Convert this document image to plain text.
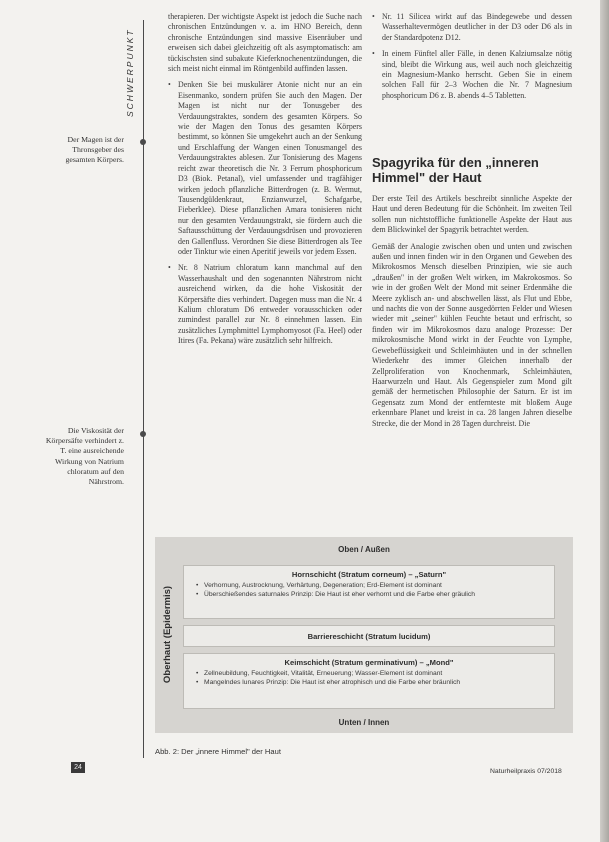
SCHWERPUNKT
Der Magen ist der Thronsgeber des gesamten Körpers.
Die Viskosität der Körpersäfte verhindert z. T. eine ausreichende Wirkung von Natrium chloratum auf den Nährstrom.

therapieren. Der wichtigste Aspekt ist jedoch die Suche nach chronischen Entzündungen v. a. im HNO Bereich, denn chronische Entzündungen sind massive Eisenräuber und erweisen sich dabei gleichzeitig oft als asymptomatisch: am tückischsten sind subakute Kieferknochenentzündungen, die sich meist nicht einmal im Röntgenbild auffinden lassen.

• Denken Sie bei muskulärer Atonie nicht nur an ein Eisenmanko, sondern prüfen Sie auch den Magen. Der Magen ist nicht nur der Tonusgeber des Verdauungstraktes, sondern des gesamten Körpers. So wie der Magen den Tonus des gesamten Körpers bestimmt, so können Sie umgekehrt auch an der Senkung und Erschlaffung der Wangen einen Tonusmangel des Verdauungstraktes ablesen. Zur Tonisierung des Magens reicht zwar theoretisch die Nr. 3 Ferrum phosphoricum D3 (Biok. Petanal), viel umfassender und tragfähiger wirken jedoch pflanzliche Bitterdrogen (z. B. Wermut, Tausendgüldenkraut, Enzianwurzel, Schafgarbe, Fieberklee). Diese pflanzlichen Amara tonisieren nicht nur den gesamten Verdauungstrakt, sie fördern auch die Saftausschüttung der Verdauungsdrüsen und provozieren den Gallenfluss. Verordnen Sie diese Bitterdrogen als Tee oder Tinktur wie einen Aperitif jeweils vor jedem Essen.

• Nr. 8 Natrium chloratum kann manchmal auf den Wasserhaushalt und den sogenannten Nährstrom nicht ausreichend wirken, da die hohe Viskosität der Körpersäfte dies verhindert. Dagegen muss man die Nr. 4 Kalium chloratum D6 entweder vorausschicken oder zumindest parallel zur Nr. 8 einnehmen lassen. Ein zusätzliches Lymphmittel Lymphomyosot (Fa. Heel) oder Itires (Fa. Pekana) wäre zusätzlich sehr hilfreich.

• Nr. 11 Silicea wirkt auf das Bindegewebe und dessen Wasserhaltevermögen deutlicher in der D3 oder D6 als in der Standardpotenz D12.

• In einem Fünftel aller Fälle, in denen Kalziumsalze nötig sind, bleibt die Wirkung aus, weil auch noch gleichzeitig ein Magnesium-Manko herrscht. Geben Sie in einem solchen Fall für 2–3 Wochen die Nr. 7 Magnesium phosphoricum D6 z. B. abends 4–5 Tabletten.

Spagyrika für den „inneren Himmel" der Haut

Der erste Teil des Artikels beschreibt sinnliche Aspekte der Haut und deren Bedeutung für die Schönheit. Im zweiten Teil sollen nun nichtstoffliche funktionelle Aspekte der Haut aus dem Blickwinkel der Spagyrik betrachtet werden.

Gemäß der Analogie zwischen oben und unten und zwischen außen und innen finden wir in den Organen und Geweben des Mikrokosmos Mensch dieselben Prinzipien, wie sie auch „draußen" in der großen Welt wirken, im Makrokosmos. So wie in der großen Welt der Mond mit seiner Erdenmähe die Meere zyklisch an- und abschwellen lässt, als Flut und Ebbe, und nachts die von der Sonne ausgedörrten Felder und Wiesen wieder mit „seiner" kühlen Feuchte betaut und erfrischt, so finden wir im Mikrokosmos dazu analoge Prozesse: Der mikrokosmische Mond wirkt in der Feuchte von Lymphe, Gewebeflüssigkeit und Schleimhäuten und in der schnellen Wiederkehr des immer Gleichen innerhalb der Zellproliferation von Knochenmark, Schleimhäuten, Haarwurzeln und Haut. Als Gegenspieler zum Mond gilt gemäß der hermetischen Philosophie der Saturn. Er ist im Gegensatz zum Mond der entfernteste mit bloßem Auge erkennbare Planet und kreist in ca. 28 langen Jahren dieselbe Strecke, die der Mond in 28 Tagen durchreist. Die

Oben / Außen
Oberhaut (Epidermis)
Hornschicht (Stratum corneum) – „Saturn"
• Verhornung, Austrocknung, Verhärtung, Degeneration; Erd-Element ist dominant
• Überschießendes saturnales Prinzip: Die Haut ist eher verhornt und die Farbe eher gräulich
Barriereschicht (Stratum lucidum)
Keimschicht (Stratum germinativum) – „Mond"
• Zellneubildung, Feuchtigkeit, Vitalität, Erneuerung; Wasser-Element ist dominant
• Mangelndes lunares Prinzip: Die Haut ist eher atrophisch und die Farbe eher bräunlich
Unten / Innen
Abb. 2: Der „innere Himmel" der Haut
24
Naturheilpraxis 07/2018
